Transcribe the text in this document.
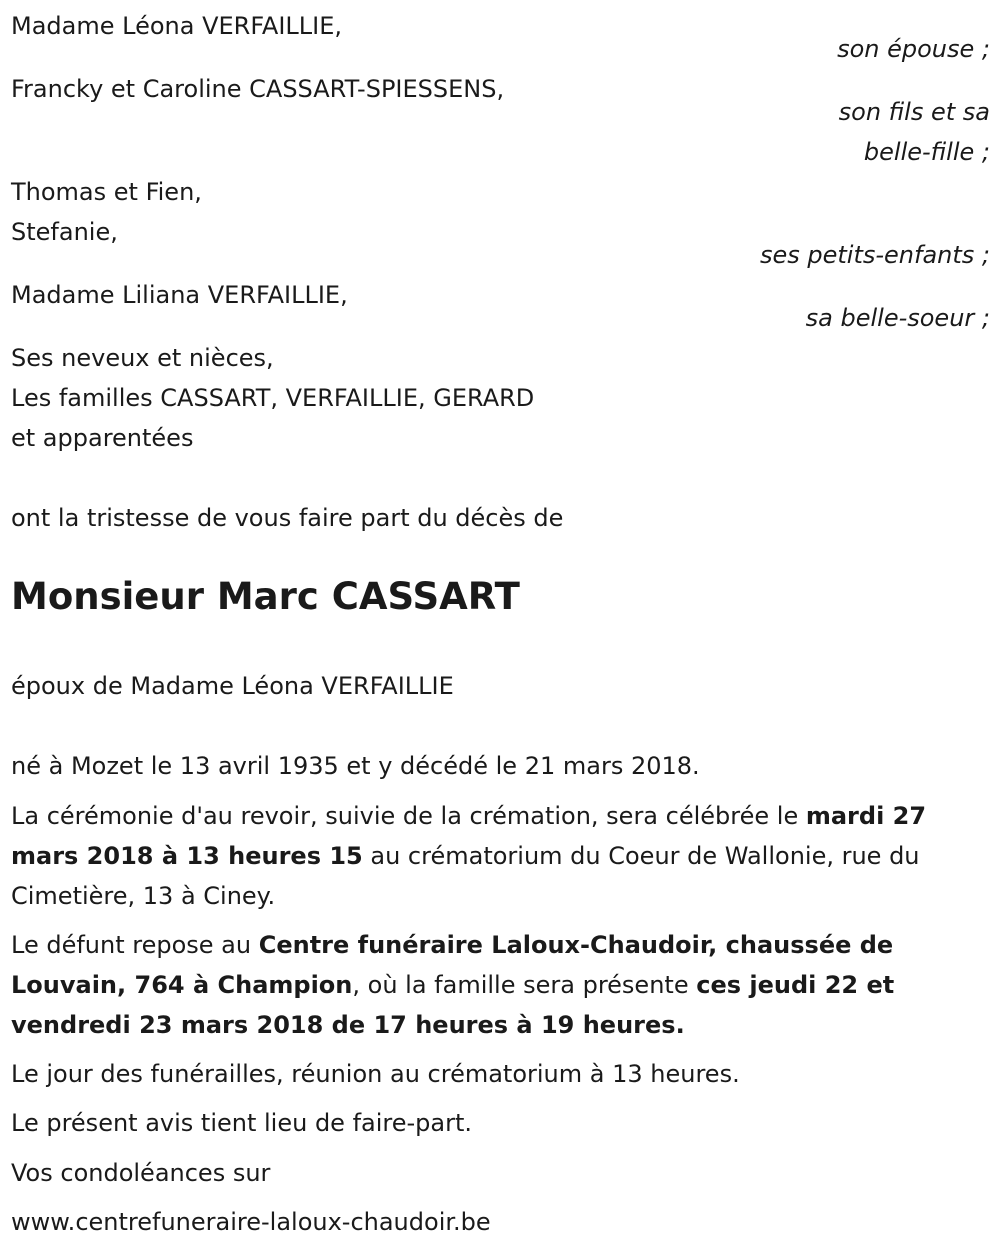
Madame Léona VERFAILLIE,
son épouse ;
Francky et Caroline CASSART-SPIESSENS,
son fils et sa
belle-fille ;
Thomas et Fien,
Stefanie,
ses petits-enfants ;
Madame Liliana VERFAILLIE,
sa belle-soeur ;
Ses neveux et nièces,
Les familles CASSART, VERFAILLIE, GERARD
et apparentées
ont la tristesse de vous faire part du décès de
Monsieur Marc CASSART
époux de Madame Léona VERFAILLIE
né à Mozet le 13 avril 1935 et y décédé le 21 mars 2018.
La cérémonie d'au revoir, suivie de la crémation, sera célébrée le mardi 27 mars 2018 à 13 heures 15 au crématorium du Coeur de Wallonie, rue du Cimetière, 13 à Ciney.
Le défunt repose au Centre funéraire Laloux-Chaudoir, chaussée de Louvain, 764 à Champion, où la famille sera présente ces jeudi 22 et vendredi 23 mars 2018 de 17 heures à 19 heures.
Le jour des funérailles, réunion au crématorium à 13 heures.
Le présent avis tient lieu de faire-part.
Vos condoléances sur
www.centrefuneraire-laloux-chaudoir.be
